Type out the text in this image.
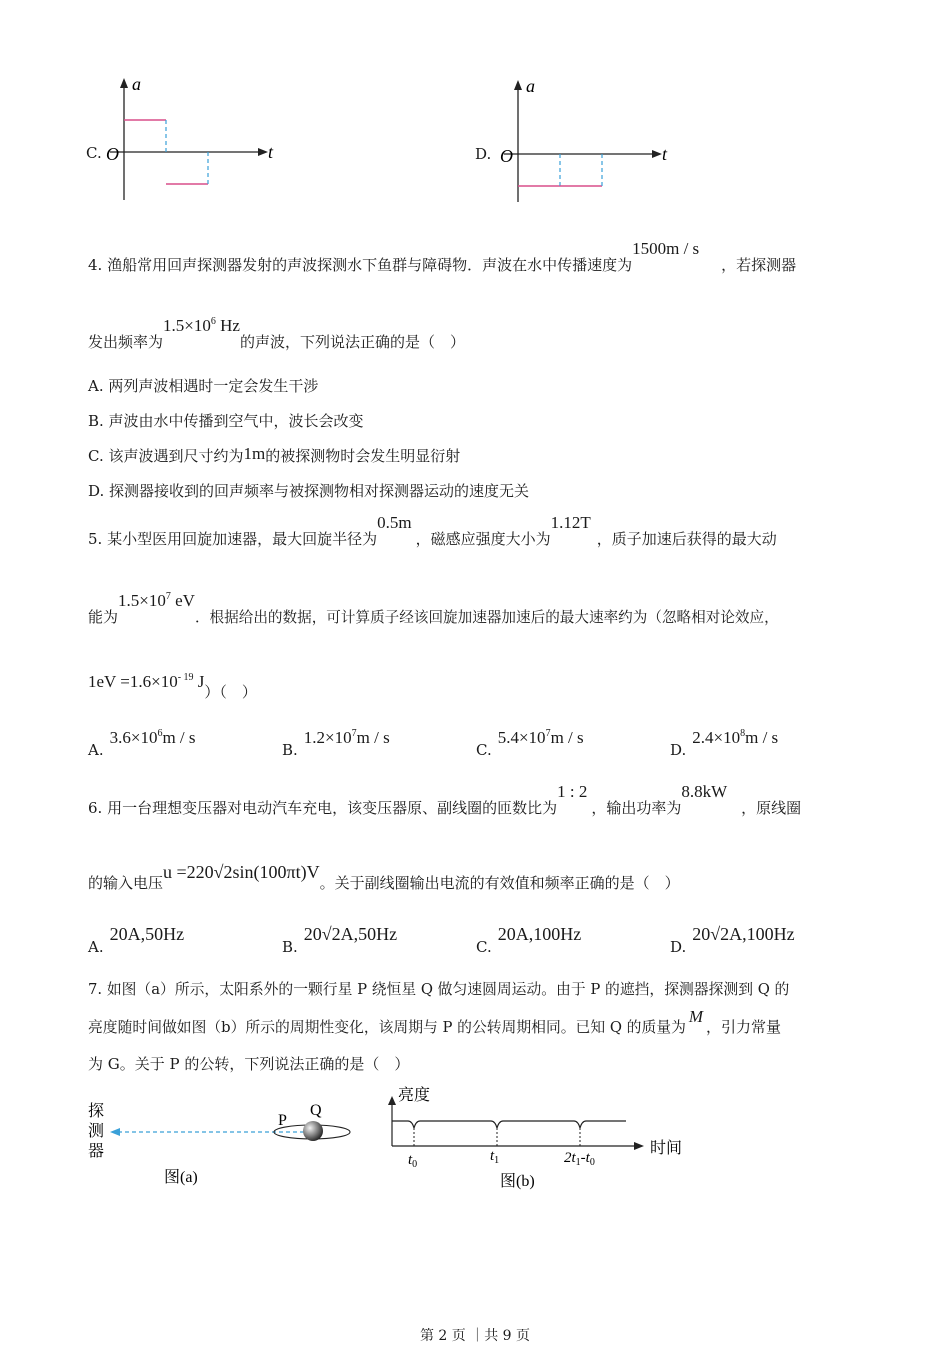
C.
a
t
O	D.
a
t
O
4. 渔船常用回声探测器发射的声波探测水下鱼群与障碍物．声波在水中传播速度为1500m / s，若探测器
发出频率为$1.5\times 10^6$ Hz的声波，下列说法正确的是（　）
A. 两列声波相遇时一定会发生干涉
B. 声波由水中传播到空气中，波长会改变
C. 该声波遇到尺寸约为1m的被探测物时会发生明显衍射
D. 探测器接收到的回声频率与被探测物相对探测器运动的速度无关
5. 某小型医用回旋加速器，最大回旋半径为0.5m，磁感应强度大小为1.12T，质子加速后获得的最大动
能为$1.5\times 10^7$ eV．根据给出的数据，可计算质子经该回旋加速器加速后的最大速率约为（忽略相对论效应，
$1eV =1.6\times 10^{- 19}$ J）（　）
$A.3.6\times 10^6m / s$
$B.1.2\times 10^7m / s$
$C.5.4\times 10^7m / s$
$D.2.4\times 10^8m / s$
6. 用一台理想变压器对电动汽车充电，该变压器原、副线圈的匝数比为1 : 2，输出功率为8.8kW，原线圈
的输入电压u =220√2sin(100πt)V。关于副线圈输出电流的有效值和频率正确的是（　）
A.20A,50Hz
B.20√2A,50Hz
C.20A,100Hz
D.20√2A,100Hz
7. 如图（a）所示，太阳系外的一颗行星 P 绕恒星 Q 做匀速圆周运动。由于 P 的遮挡，探测器探测到 Q 的
亮度随时间做如图（b）所示的周期性变化，该周期与 P 的公转周期相同。已知 Q 的质量为M，引力常量
为 G。关于 P 的公转，下列说法正确的是（　）
探
测
器
P
Q
图(a)
亮度
时间
$t_0$
$t_1$	$2t_1-t_0$
图(b)
第 2 页 ｜共 9 页
